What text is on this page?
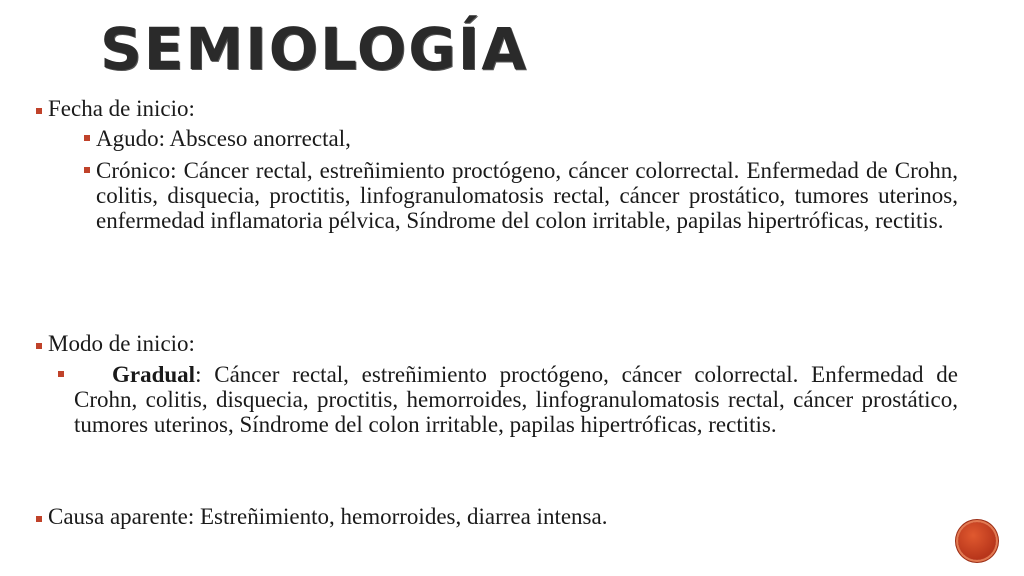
SEMIOLOGÍA
Fecha de inicio:
Agudo: Absceso anorrectal,
Crónico: Cáncer rectal, estreñimiento proctógeno, cáncer colorrectal. Enfermedad de Crohn, colitis, disquecia, proctitis, linfogranulomatosis rectal, cáncer prostático, tumores uterinos, enfermedad inflamatoria pélvica, Síndrome del colon irritable, papilas hipertróficas, rectitis.
Modo de inicio:
Gradual: Cáncer rectal, estreñimiento proctógeno, cáncer colorrectal. Enfermedad de Crohn, colitis, disquecia, proctitis, hemorroides, linfogranulomatosis rectal, cáncer prostático, tumores uterinos, Síndrome del colon irritable, papilas hipertróficas, rectitis.
Causa aparente: Estreñimiento, hemorroides, diarrea intensa.
